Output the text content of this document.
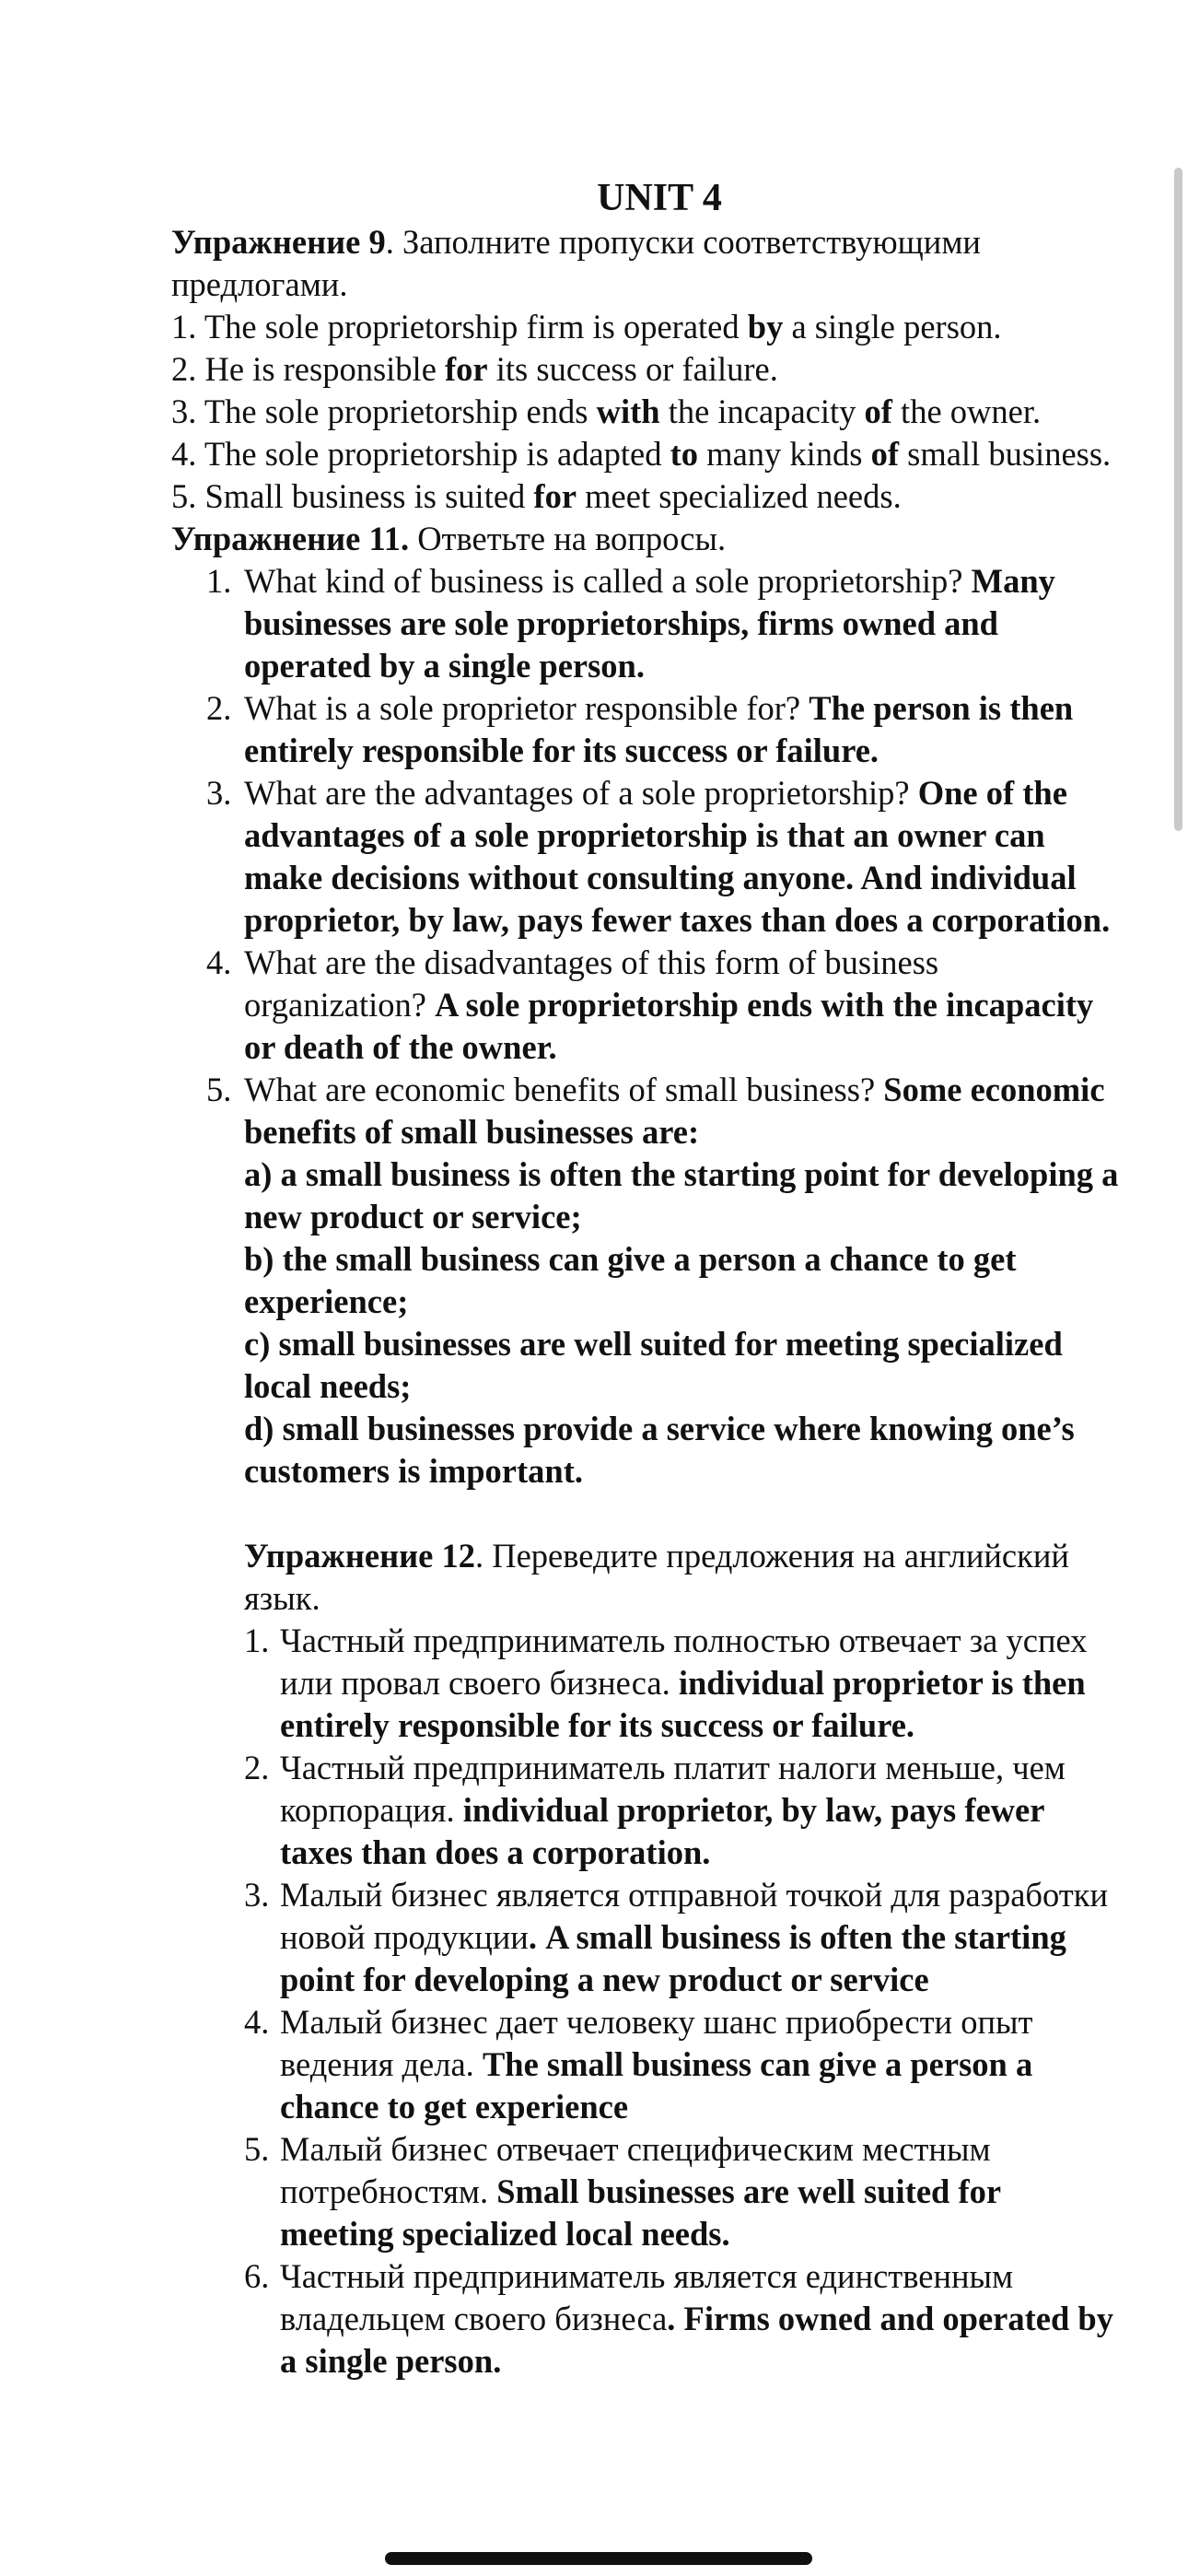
UNIT 4
Упражнение 9. Заполните пропуски соответствующими предлогами.
1. The sole proprietorship firm is operated by a single person.
2. He is responsible for its success or failure.
3. The sole proprietorship ends with the incapacity of the owner.
4. The sole proprietorship is adapted to many kinds of small business.
5. Small business is suited for meet specialized needs.
Упражнение 11. Ответьте на вопросы.
1. What kind of business is called a sole proprietorship? Many businesses are sole proprietorships, firms owned and operated by a single person.
2. What is a sole proprietor responsible for? The person is then entirely responsible for its success or failure.
3. What are the advantages of a sole proprietorship? One of the advantages of a sole proprietorship is that an owner can make decisions without consulting anyone. And individual proprietor, by law, pays fewer taxes than does a corporation.
4. What are the disadvantages of this form of business organization? A sole proprietorship ends with the incapacity or death of the owner.
5. What are economic benefits of small business? Some economic benefits of small businesses are:
a) a small business is often the starting point for developing a new product or service;
b) the small business can give a person a chance to get experience;
c) small businesses are well suited for meeting specialized local needs;
d) small businesses provide a service where knowing one’s customers is important.
Упражнение 12. Переведите предложения на английский язык.
1. Частный предприниматель полностью отвечает за успех или провал своего бизнеса. individual proprietor is then entirely responsible for its success or failure.
2. Частный предприниматель платит налоги меньше, чем корпорация. individual proprietor, by law, pays fewer taxes than does a corporation.
3. Малый бизнес является отправной точкой для разработки новой продукции. A small business is often the starting point for developing a new product or service
4. Малый бизнес дает человеку шанс приобрести опыт ведения дела. The small business can give a person a chance to get experience
5. Малый бизнес отвечает специфическим местным потребностям. Small businesses are well suited for meeting specialized local needs.
6. Частный предприниматель является единственным владельцем своего бизнеса. Firms owned and operated by a single person.
